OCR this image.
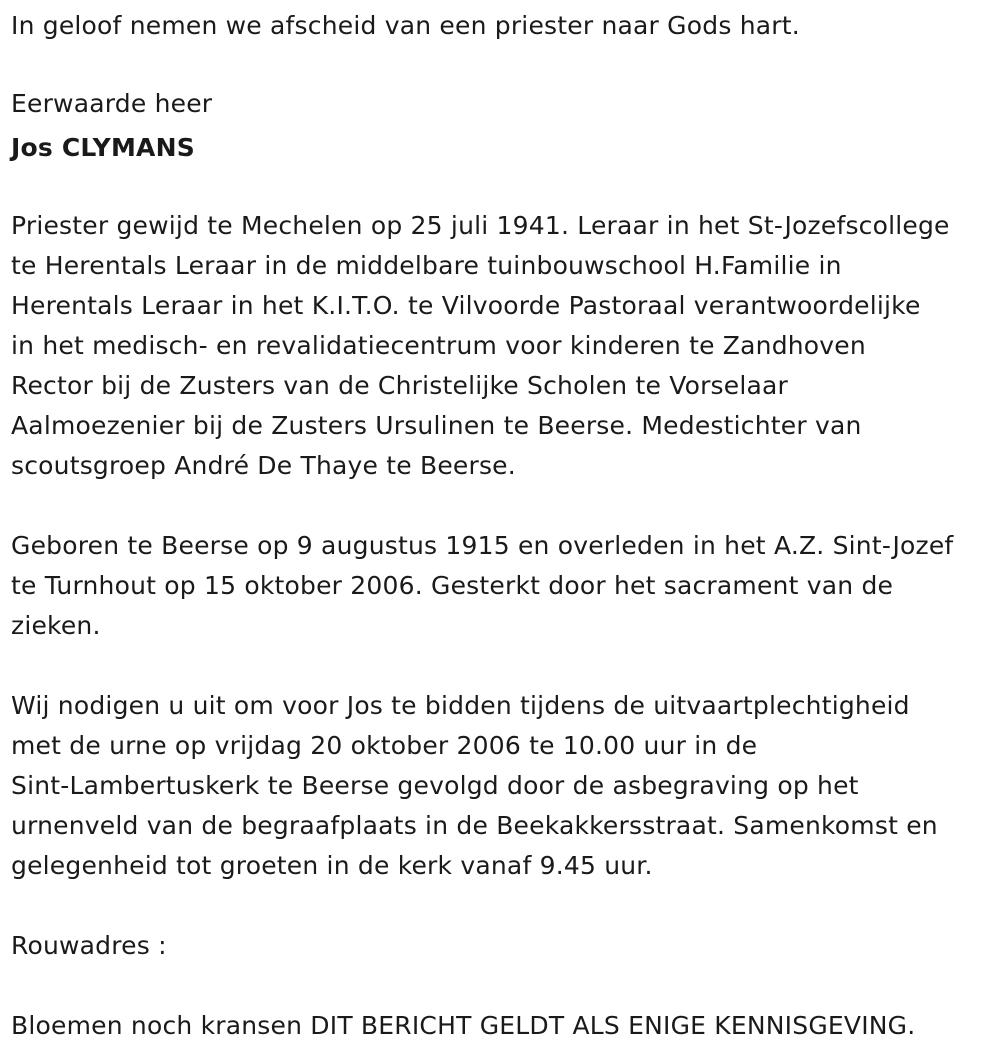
In geloof nemen we afscheid van een priester naar Gods hart.
Eerwaarde heer
Jos CLYMANS
Priester gewijd te Mechelen op 25 juli 1941. Leraar in het St-Jozefscollege
te Herentals Leraar in de middelbare tuinbouwschool H.Familie in
Herentals Leraar in het K.I.T.O. te Vilvoorde Pastoraal verantwoordelijke
in het medisch- en revalidatiecentrum voor kinderen te Zandhoven
Rector bij de Zusters van de Christelijke Scholen te Vorselaar
Aalmoezenier bij de Zusters Ursulinen te Beerse. Medestichter van
scoutsgroep André De Thaye te Beerse.
Geboren te Beerse op 9 augustus 1915 en overleden in het A.Z. Sint-Jozef
te Turnhout op 15 oktober 2006. Gesterkt door het sacrament van de
zieken.
Wij nodigen u uit om voor Jos te bidden tijdens de uitvaartplechtigheid
met de urne op vrijdag 20 oktober 2006 te 10.00 uur in de
Sint-Lambertuskerk te Beerse gevolgd door de asbegraving op het
urnenveld van de begraafplaats in de Beekakkersstraat. Samenkomst en
gelegenheid tot groeten in de kerk vanaf 9.45 uur.
Rouwadres :
Bloemen noch kransen DIT BERICHT GELDT ALS ENIGE KENNISGEVING.
